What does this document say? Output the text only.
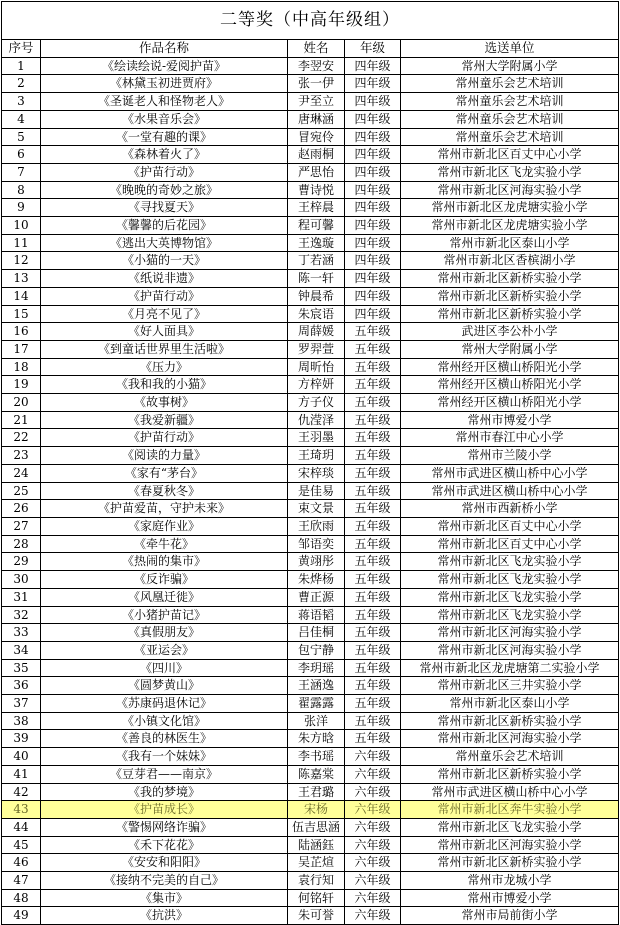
二等奖（中高年级组）				
序号	作品名称	姓名	年级	选送单位
1	《绘读绘说-爱阅护苗》	李翌安	四年级	常州大学附属小学
2	《林黛玉初进贾府》	张一伊	四年级	常州童乐会艺术培训
3	《圣诞老人和怪物老人》	尹至立	四年级	常州童乐会艺术培训
4	《水果音乐会》	唐琳涵	四年级	常州童乐会艺术培训
5	《一堂有趣的课》	冒宛伶	四年级	常州童乐会艺术培训
6	《森林着火了》	赵雨桐	四年级	常州市新北区百丈中心小学
7	《护苗行动》	严思怡	四年级	常州市新北区飞龙实验小学
8	《晚晚的奇妙之旅》	曹诗悦	四年级	常州市新北区河海实验小学
9	《寻找夏天》	王梓晨	四年级	常州市新北区龙虎塘实验小学
10	《馨馨的后花园》	程可馨	四年级	常州市新北区龙虎塘实验小学
11	《逃出大英博物馆》	王逸璇	四年级	常州市新北区泰山小学
12	《小猫的一天》	丁若涵	四年级	常州市新北区香槟湖小学
13	《纸说非遗》	陈一轩	四年级	常州市新北区新桥实验小学
14	《护苗行动》	钟晨希	四年级	常州市新北区新桥实验小学
15	《月亮不见了》	朱宸语	四年级	常州市新北区新桥实验小学
16	《好人面具》	周薛媛	五年级	武进区李公朴小学
17	《到童话世界里生活啦》	罗羿萱	五年级	常州大学附属小学
18	《压力》	周昕怡	五年级	常州经开区横山桥阳光小学
19	《我和我的小猫》	方梓妍	五年级	常州经开区横山桥阳光小学
20	《故事树》	方子仪	五年级	常州经开区横山桥阳光小学
21	《我爱新疆》	仇滢泽	五年级	常州市博爱小学
22	《护苗行动》	王羽墨	五年级	常州市春江中心小学
23	《阅读的力量》	王琦玥	五年级	常州市兰陵小学
24	《家有“茅台》	宋梓琰	五年级	常州市武进区横山桥中心小学
25	《春夏秋冬》	是佳易	五年级	常州市武进区横山桥中心小学
26	《护苗爱苗，守护未来》	束文景	五年级	常州市西新桥小学
27	《家庭作业》	王欣雨	五年级	常州市新北区百丈中心小学
28	《牵牛花》	邹语奕	五年级	常州市新北区百丈中心小学
29	《热闹的集市》	黄翊彤	五年级	常州市新北区飞龙实验小学
30	《反诈骗》	朱烨杨	五年级	常州市新北区飞龙实验小学
31	《风凰迁徙》	曹正源	五年级	常州市新北区飞龙实验小学
32	《小猪护苗记》	蒋语韬	五年级	常州市新北区飞龙实验小学
33	《真假朋友》	吕佳桐	五年级	常州市新北区河海实验小学
34	《亚运会》	包宁静	五年级	常州市新北区河海实验小学
35	《四川》	李玥瑶	五年级	常州市新北区龙虎塘第二实验小学
36	《圆梦黄山》	王涵逸	五年级	常州市新北区三井实验小学
37	《苏康码退休记》	翟露露	五年级	常州市新北区泰山小学
38	《小镇文化馆》	张洋	五年级	常州市新北区新桥实验小学
39	《善良的林医生》	朱方晗	五年级	常州市新北区河海实验小学
40	《我有一个妹妹》	李书瑶	六年级	常州童乐会艺术培训
41	《豆芽君——南京》	陈嘉棠	六年级	常州市新北区新桥实验小学
42	《我的梦境》	王君璐	六年级	常州市武进区横山桥中心小学
43	《护苗成长》	宋杨	六年级	常州市新北区奔牛实验小学
44	《警惕网络诈骗》	伍吉思涵	六年级	常州市新北区飞龙实验小学
45	《禾下花花》	陆涵鈺	六年级	常州市新北区河海实验小学
46	《安安和阳阳》	吴芷煊	六年级	常州市新北区新桥实验小学
47	《接纳不完美的自己》	袁行知	六年级	常州市龙城小学
48	《集市》	何铭轩	六年级	常州市博爱小学
49	《抗洪》	朱可誉	六年级	常州市局前街小学
